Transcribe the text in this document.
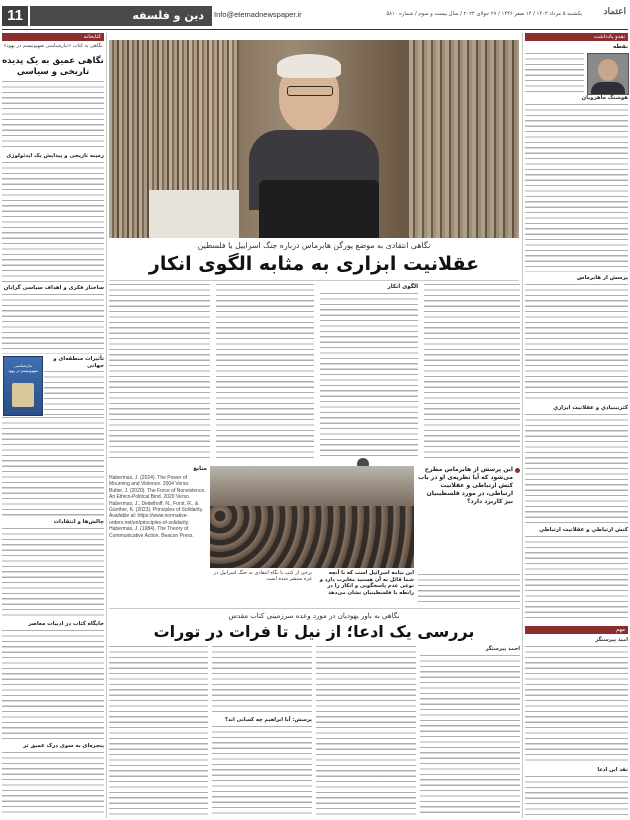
11	دین و فلسفه	Info@etemadnewspaper.ir	یکشنبه ۵ مرداد ۱۴۰۳ / ۱۴ صفر ۱۴۴۶ / ۲۷ جولای ۲۰۲۴ / سال بیست و سوم / شماره ۵۸۱۰	اعتماد
کتابخانه
نگاهی به کتاب «تبارشناسی صهیونیسم در یهود»
نگاهی عمیق به یک پدیده تاریخی و سیاسی
زمینه تاریخی و پیدایش یک ایدئولوژی
ساختار فکری و اهداف سیاسی گرایان
تبارشناسی صهیونیسم در یهود
تأثیرات منطقه‌ای و جهانی
چالش‌ها و انتقادات
جایگاه کتاب در ادبیات معاصر
پنجره‌ای به سوی درک عمیق تر
نقدو یادداشت
نقطه
هوشنگ ماهرویان
پرسش از هابرماس
کثرتبنيادي و عقلانيت ابزاري
کنش ارتباطي و عقلانيت ارتباطي
نگاهی انتقادی به موضع یورگن هابرماس درباره جنگ اسراییل با فلسطین
عقلانیت ابزاری به مثابه الگوی انکار
الگوی انکار
این پرسش از هابرماس مطرح می‌شود که آیا نظریه‌ی او در باب کنش ارتباطی و عقلانیت ارتباطی، در مورد فلسطینیان نیز کاربرد دارد؟
این نیامه اسرائیل است که با آنچه شما قائل به آن هستید مغایرت دارد و نوعی عدم پاسخگویی و انکار را در رابطه با فلسطینیان نشان می‌دهد
برخی از کتب با نگاه انتقادی به جنگ اسراییل در غزه منتشر شده است
منابع
Habermas, J. (2024). The Power of Mourning and Violence. 2004 Verso.
Butler, J. (2020). The Force of Nonviolence. Ari Ethico-Political Bind. 2020 Verso.
Habermas, J., Deitelhoff, N., Forst, R., & Günther, K. (2023). Principles of Solidarity.
Available at: https://www.normative-orders.net/en/principles-of-solidarity.
Habermas, J. (1984). The Theory of Communicative Action. Beacon Press.
نگاهی به باور یهودیان در مورد وعده سرزمینی کتاب مقدس
بررسی یک ادعا؛ از نیل تا فرات در تورات
احمد پیرستگر
پرسش: آیا ابراهیم چه کسانی اند؟
مهم
امید پیرستگر
نقد این ادعا
